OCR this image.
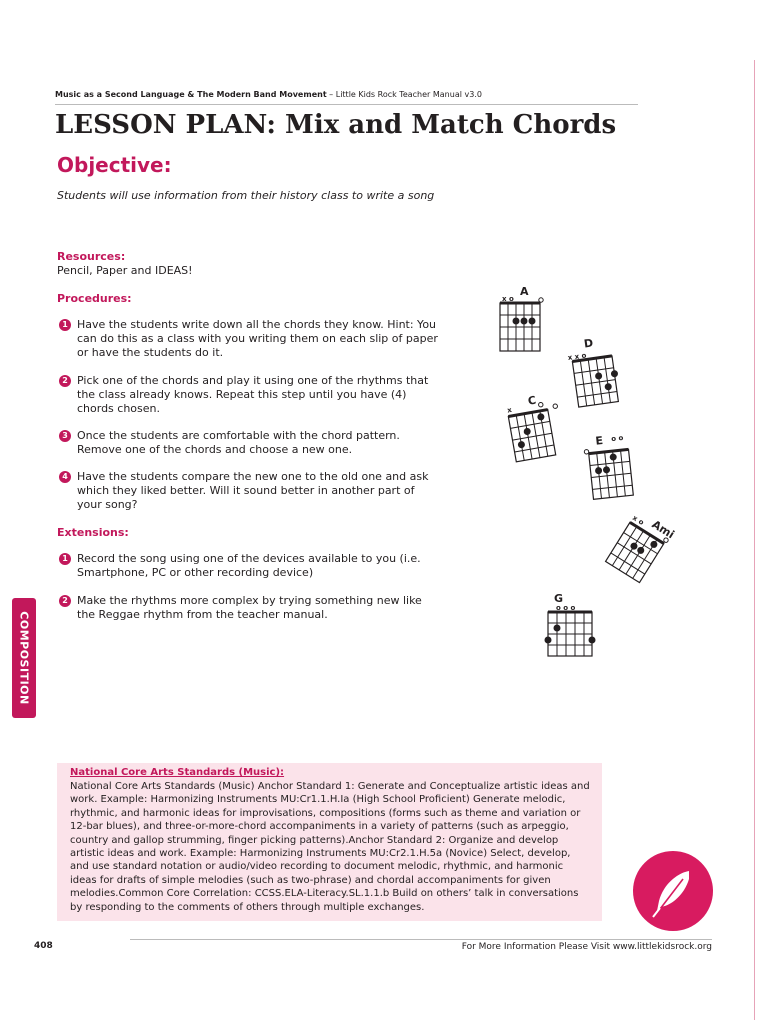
Music as a Second Language & The Modern Band Movement – Little Kids Rock Teacher Manual v3.0
LESSON PLAN: Mix and Match Chords
Objective:
Students will use information from their history class to write a song
Resources:
Pencil, Paper and IDEAS!
Procedures:
1 Have the students write down all the chords they know. Hint: You can do this as a class with you writing them on each slip of paper or have the students do it.
2 Pick one of the chords and play it using one of the rhythms that the class already knows. Repeat this step until you have (4) chords chosen.
3 Once the students are comfortable with the chord pattern. Remove one of the chords and choose a new one.
4 Have the students compare the new one to the old one and ask which they liked better. Will it sound better in another part of your song?
Extensions:
1 Record the song using one of the devices available to you (i.e. Smartphone, PC or other recording device)
2 Make the rhythms more complex by trying something new like the Reggae rhythm from the teacher manual.
A
x o
D
x x o
C
x
E o o
Ami
x o
G
o o o
COMPOSITION
National Core Arts Standards (Music):
National Core Arts Standards (Music) Anchor Standard 1: Generate and Conceptualize artistic ideas and work. Example: Harmonizing Instruments MU:Cr1.1.H.Ia (High School Proficient) Generate melodic, rhythmic, and harmonic ideas for improvisations, compositions (forms such as theme and variation or 12-bar blues), and three-or-more-chord accompaniments in a variety of patterns (such as arpeggio, country and gallop strumming, finger picking patterns).Anchor Standard 2: Organize and develop artistic ideas and work. Example: Harmonizing Instruments MU:Cr2.1.H.5a (Novice) Select, develop, and use standard notation or audio/video recording to document melodic, rhythmic, and harmonic ideas for drafts of simple melodies (such as two-phrase) and chordal accompaniments for given melodies.Common Core Correlation: CCSS.ELA-Literacy.SL.1.1.b Build on others’ talk in conversations by responding to the comments of others through multiple exchanges.
408	For More Information Please Visit www.littlekidsrock.org
